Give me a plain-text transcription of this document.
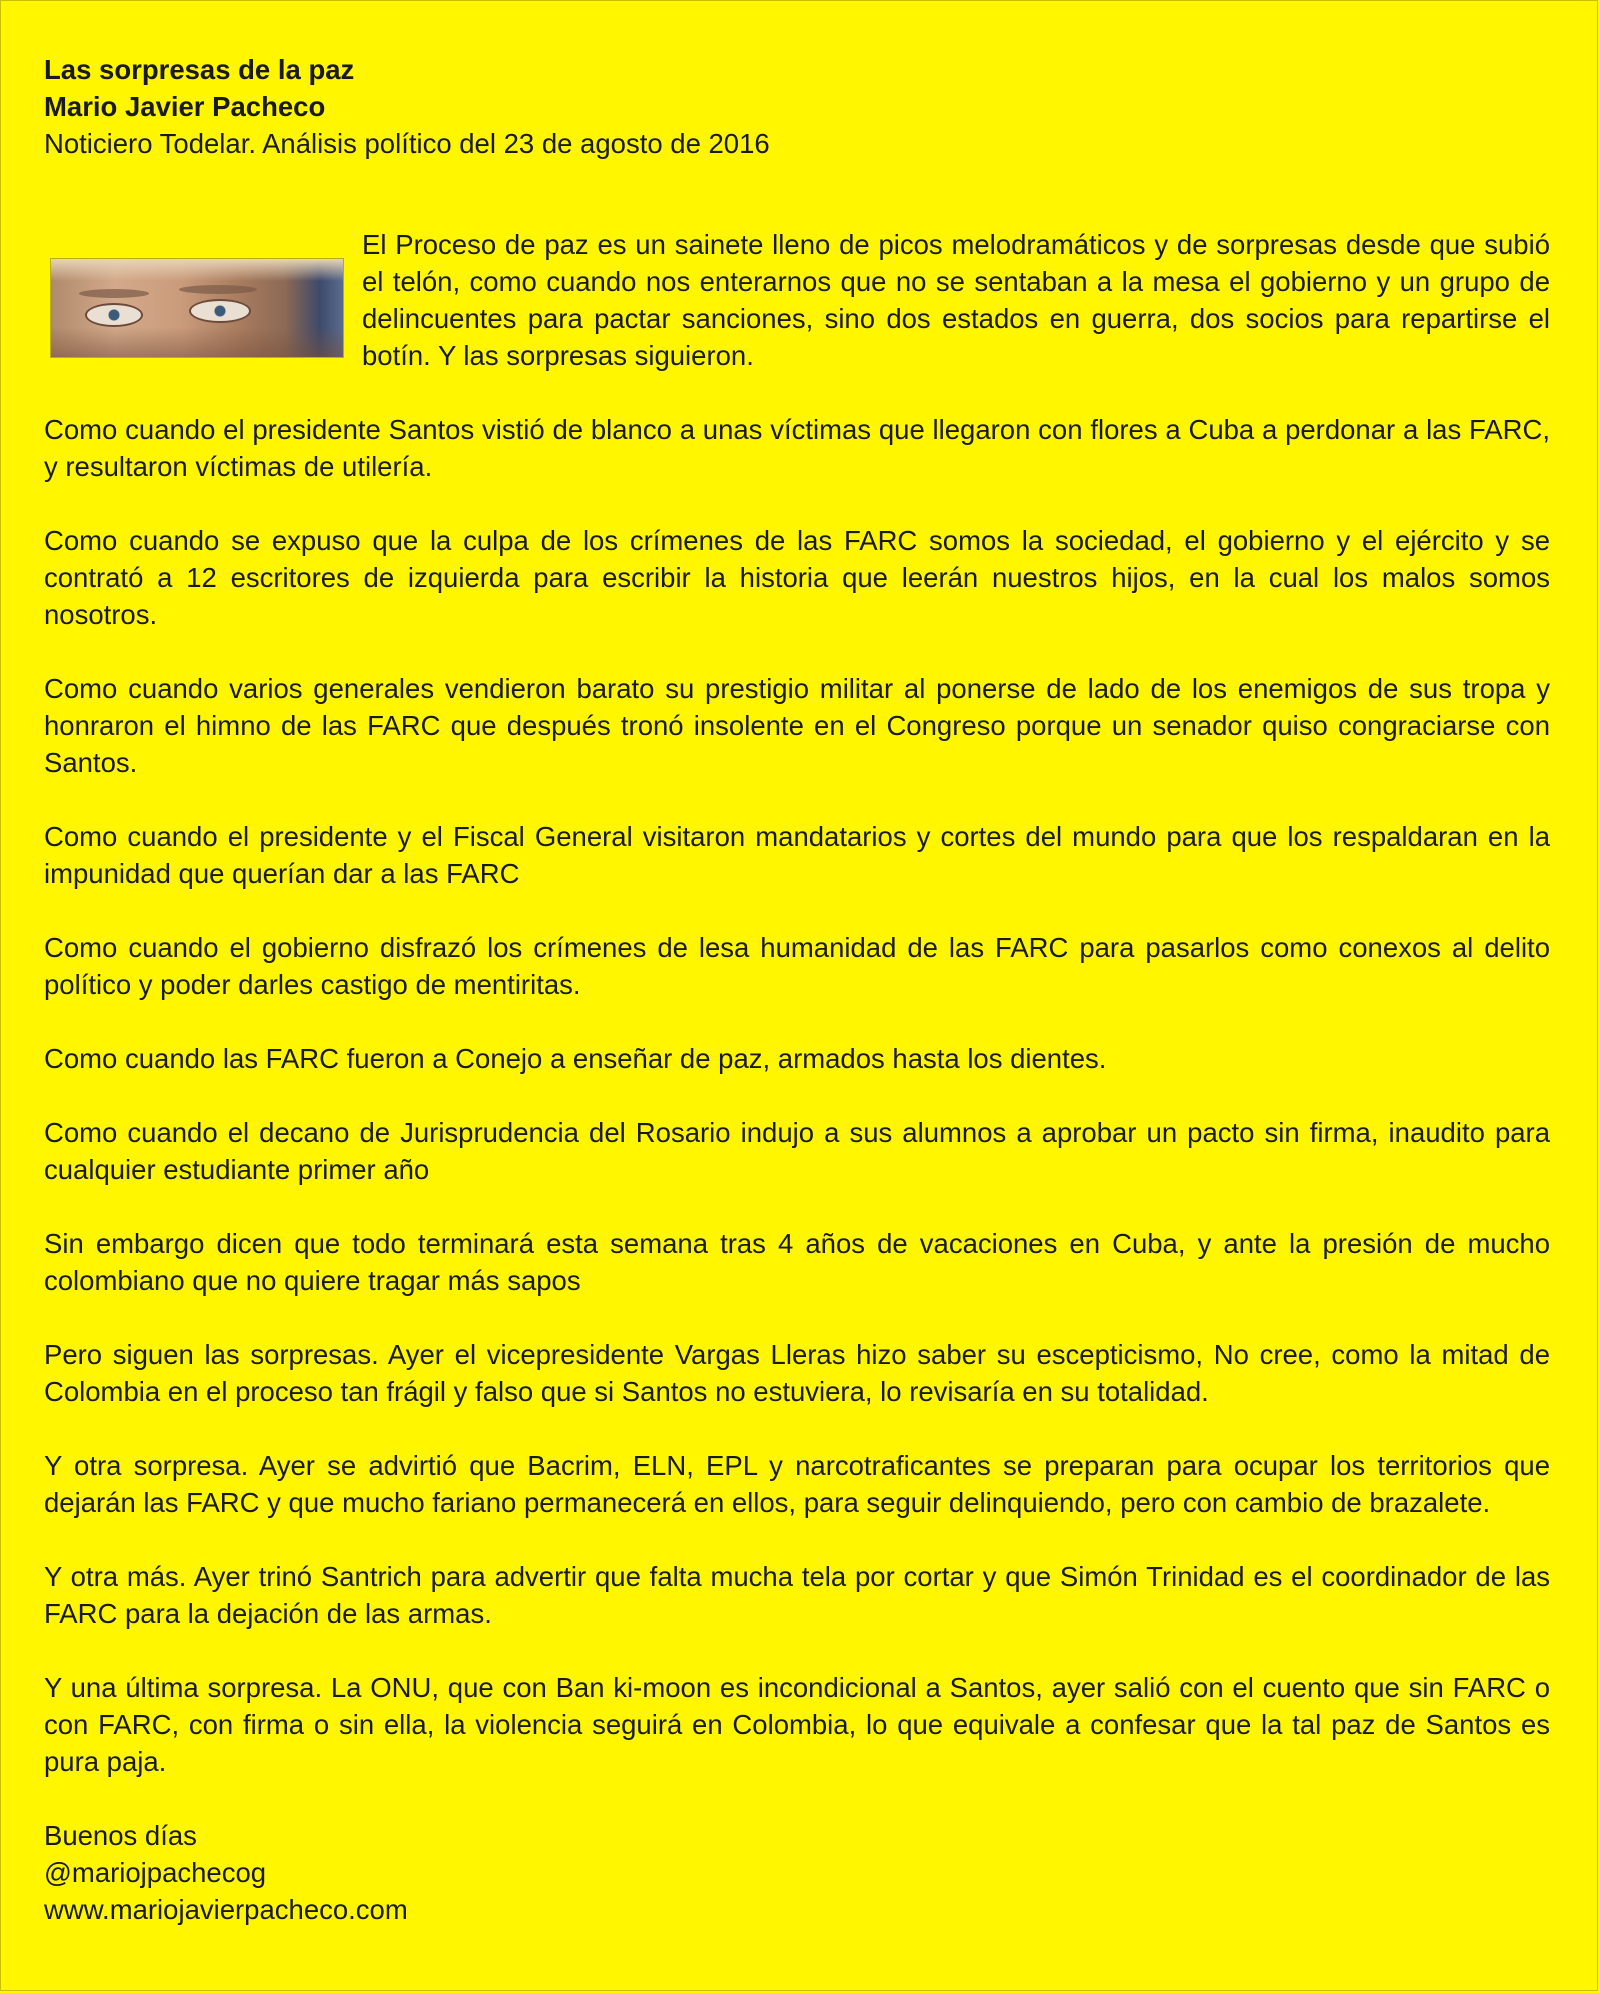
Las sorpresas de la paz

Mario Javier Pacheco

Noticiero Todelar. Análisis político del 23 de agosto de 2016

El Proceso de paz es un sainete lleno de picos melodramáticos y de sorpresas desde que subió el telón, como cuando nos enterarnos que no se sentaban a la mesa el gobierno y un grupo de delincuentes para pactar sanciones, sino dos estados en guerra, dos socios para repartirse el botín. Y las sorpresas siguieron.

Como cuando el presidente Santos vistió de blanco a unas víctimas que llegaron con flores a Cuba a perdonar a las FARC, y resultaron víctimas de utilería.

Como cuando se expuso que la culpa de los crímenes de las FARC somos la sociedad, el gobierno y el ejército y se contrató a 12 escritores de izquierda para escribir la historia que leerán nuestros hijos, en la cual los malos somos nosotros.

Como cuando varios generales vendieron barato su prestigio militar al ponerse de lado de los enemigos de sus tropa y honraron el himno de las FARC que después tronó insolente en el Congreso porque un senador quiso congraciarse con Santos.

Como cuando el presidente y el Fiscal General visitaron mandatarios y cortes del mundo para que los respaldaran en la impunidad que querían dar a las FARC

Como cuando el gobierno disfrazó los crímenes de lesa humanidad de las FARC para pasarlos como conexos al delito político y poder darles castigo de mentiritas.

Como cuando las FARC fueron a Conejo a enseñar de paz, armados hasta los dientes.

Como cuando el decano de Jurisprudencia del Rosario indujo a sus alumnos a aprobar un pacto sin firma, inaudito para cualquier estudiante primer año

Sin embargo dicen que todo terminará esta semana tras 4 años de vacaciones en Cuba, y ante la presión de mucho colombiano que no quiere tragar más sapos

Pero siguen las sorpresas. Ayer el vicepresidente Vargas Lleras hizo saber su escepticismo, No cree, como la mitad de Colombia en el proceso tan frágil y falso que si Santos no estuviera, lo revisaría en su totalidad.

Y otra sorpresa. Ayer se advirtió que Bacrim, ELN, EPL y narcotraficantes se preparan para ocupar los territorios que dejarán las FARC y que mucho fariano permanecerá en ellos, para seguir delinquiendo, pero con cambio de brazalete.

Y otra más. Ayer trinó Santrich para advertir que falta mucha tela por cortar y que Simón Trinidad es el coordinador de las FARC para la dejación de las armas.

Y una última sorpresa. La ONU, que con Ban ki-moon es incondicional a Santos, ayer salió con el cuento que sin FARC o con FARC, con firma o sin ella, la violencia seguirá en Colombia, lo que equivale a confesar que la tal paz de Santos es pura paja.

Buenos días

@mariojpachecog

www.mariojavierpacheco.com
